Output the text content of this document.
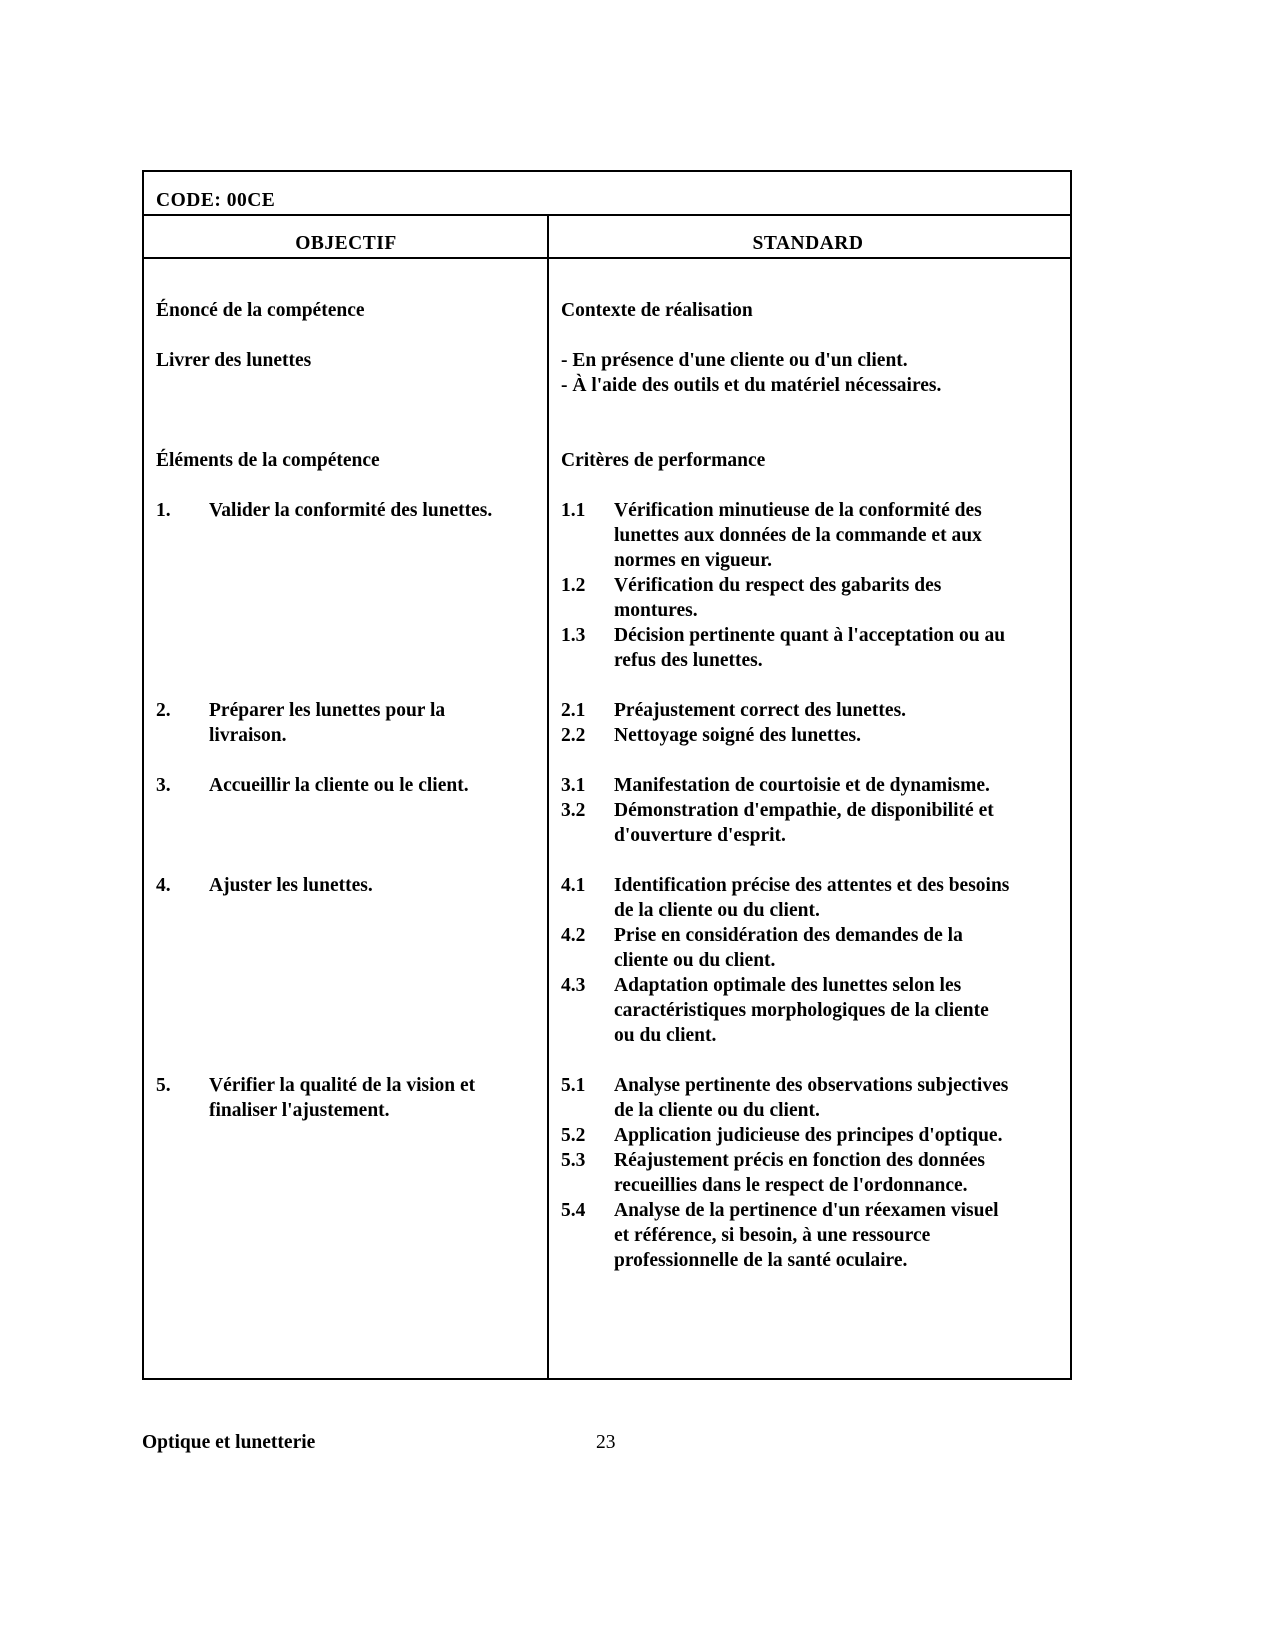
CODE: 00CE
OBJECTIF	STANDARD
Énoncé de la compétence
Livrer des lunettes
Éléments de la compétence
Contexte de réalisation
- En présence d'une cliente ou d'un client.
- À l'aide des outils et du matériel nécessaires.
Critères de performance
1. Valider la conformité des lunettes.
2. Préparer les lunettes pour la
livraison.
3. Accueillir la cliente ou le client.
4. Ajuster les lunettes.
5. Vérifier la qualité de la vision et
finaliser l'ajustement.
1.1 Vérification minutieuse de la conformité des
lunettes aux données de la commande et aux
normes en vigueur.
1.2 Vérification du respect des gabarits des
montures.
1.3 Décision pertinente quant à l'acceptation ou au
refus des lunettes.
2.1 Préajustement correct des lunettes.
2.2 Nettoyage soigné des lunettes.
3.1 Manifestation de courtoisie et de dynamisme.
3.2 Démonstration d'empathie, de disponibilité et
d'ouverture d'esprit.
4.1 Identification précise des attentes et des besoins
de la cliente ou du client.
4.2 Prise en considération des demandes de la
cliente ou du client.
4.3 Adaptation optimale des lunettes selon les
caractéristiques morphologiques de la cliente
ou du client.
5.1 Analyse pertinente des observations subjectives
de la cliente ou du client.
5.2 Application judicieuse des principes d'optique.
5.3 Réajustement précis en fonction des données
recueillies dans le respect de l'ordonnance.
5.4 Analyse de la pertinence d'un réexamen visuel
et référence, si besoin, à une ressource
professionnelle de la santé oculaire.
Optique et lunetterie	23
